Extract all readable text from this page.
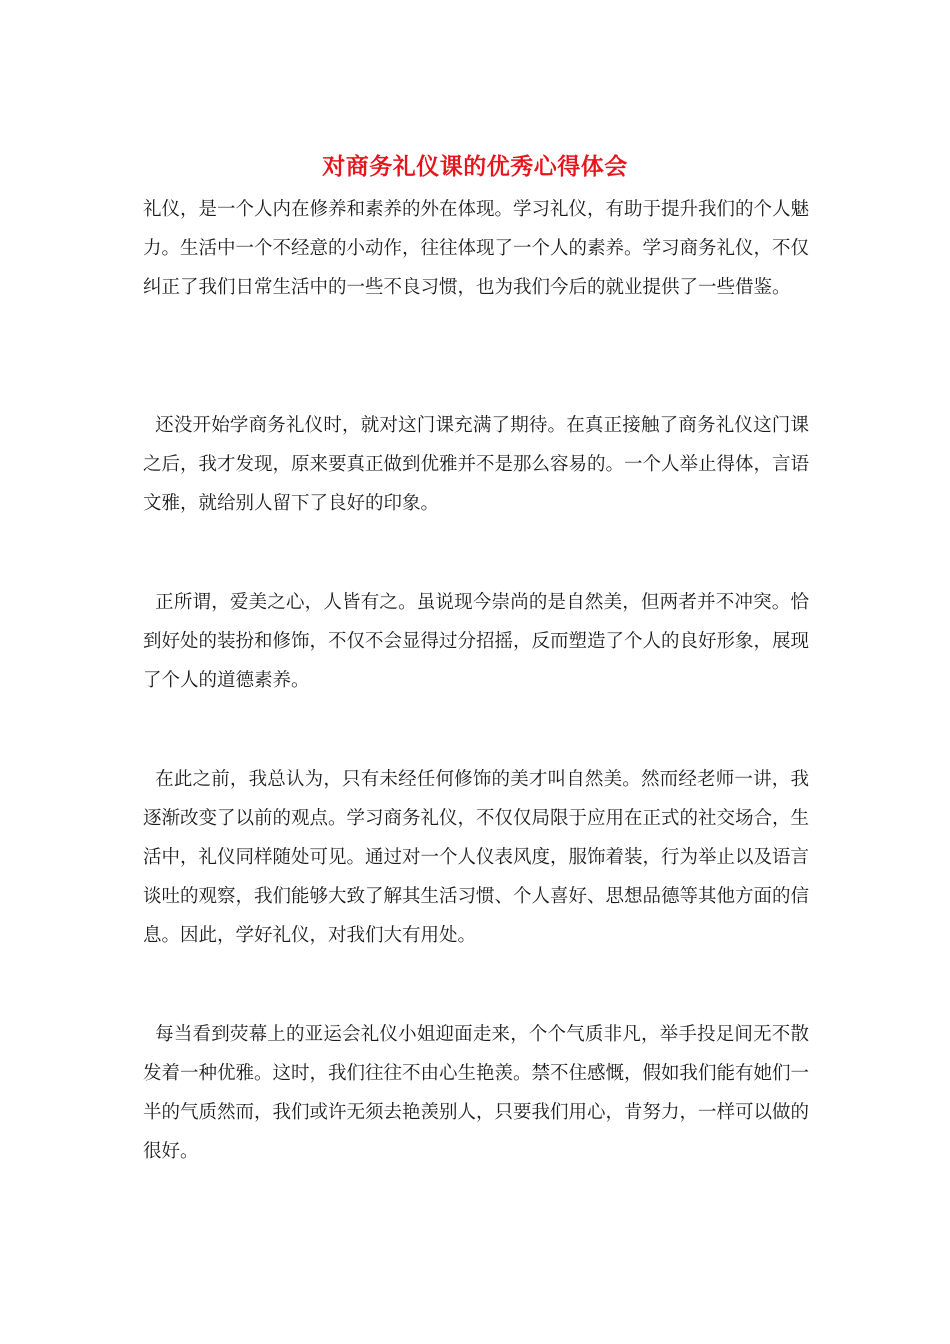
对商务礼仪课的优秀心得体会

礼仪，是一个人内在修养和素养的外在体现。学习礼仪，有助于提升我们的个人魅力。生活中一个不经意的小动作，往往体现了一个人的素养。学习商务礼仪，不仅纠正了我们日常生活中的一些不良习惯，也为我们今后的就业提供了一些借鉴。

还没开始学商务礼仪时，就对这门课充满了期待。在真正接触了商务礼仪这门课之后，我才发现，原来要真正做到优雅并不是那么容易的。一个人举止得体，言语文雅，就给别人留下了良好的印象。

正所谓，爱美之心，人皆有之。虽说现今崇尚的是自然美，但两者并不冲突。恰到好处的装扮和修饰，不仅不会显得过分招摇，反而塑造了个人的良好形象，展现了个人的道德素养。

在此之前，我总认为，只有未经任何修饰的美才叫自然美。然而经老师一讲，我逐渐改变了以前的观点。学习商务礼仪，不仅仅局限于应用在正式的社交场合，生活中，礼仪同样随处可见。通过对一个人仪表风度，服饰着装，行为举止以及语言谈吐的观察，我们能够大致了解其生活习惯、个人喜好、思想品德等其他方面的信息。因此，学好礼仪，对我们大有用处。

每当看到荧幕上的亚运会礼仪小姐迎面走来，个个气质非凡，举手投足间无不散发着一种优雅。这时，我们往往不由心生艳羡。禁不住感慨，假如我们能有她们一半的气质然而，我们或许无须去艳羡别人，只要我们用心，肯努力，一样可以做的很好。
